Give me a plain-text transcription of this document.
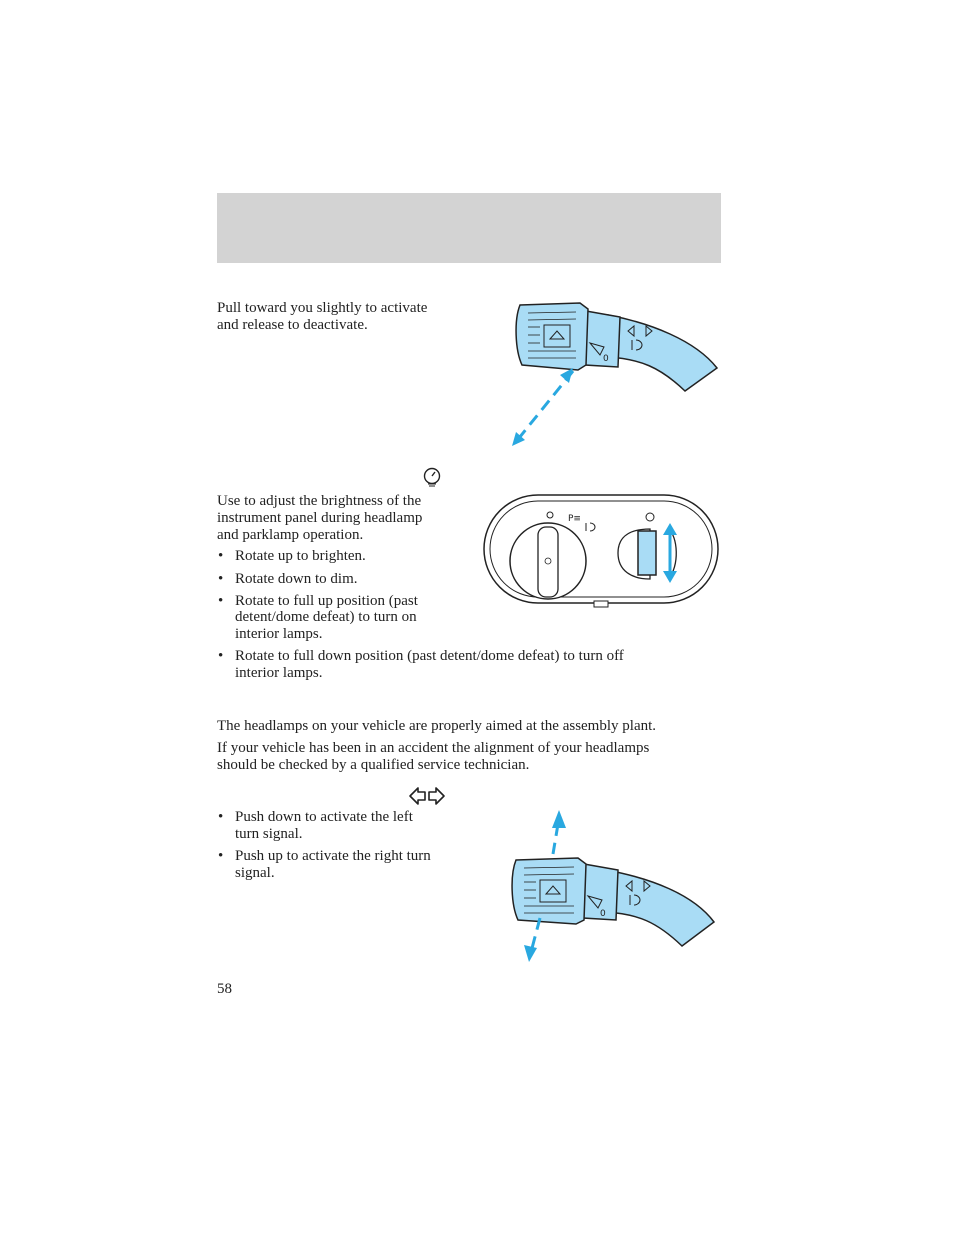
Pull toward you slightly to activate
and release to deactivate.
0
Use to adjust the brightness of the
instrument panel during headlamp
and parklamp operation.
• Rotate up to brighten.
• Rotate down to dim.
• Rotate to full up position (past
detent/dome defeat) to turn on
interior lamps.
• Rotate to full down position (past detent/dome defeat) to turn off
interior lamps.
P≡
The headlamps on your vehicle are properly aimed at the assembly plant.
If your vehicle has been in an accident the alignment of your headlamps
should be checked by a qualified service technician.
• Push down to activate the left
turn signal.
• Push up to activate the right turn
signal.
0
58
